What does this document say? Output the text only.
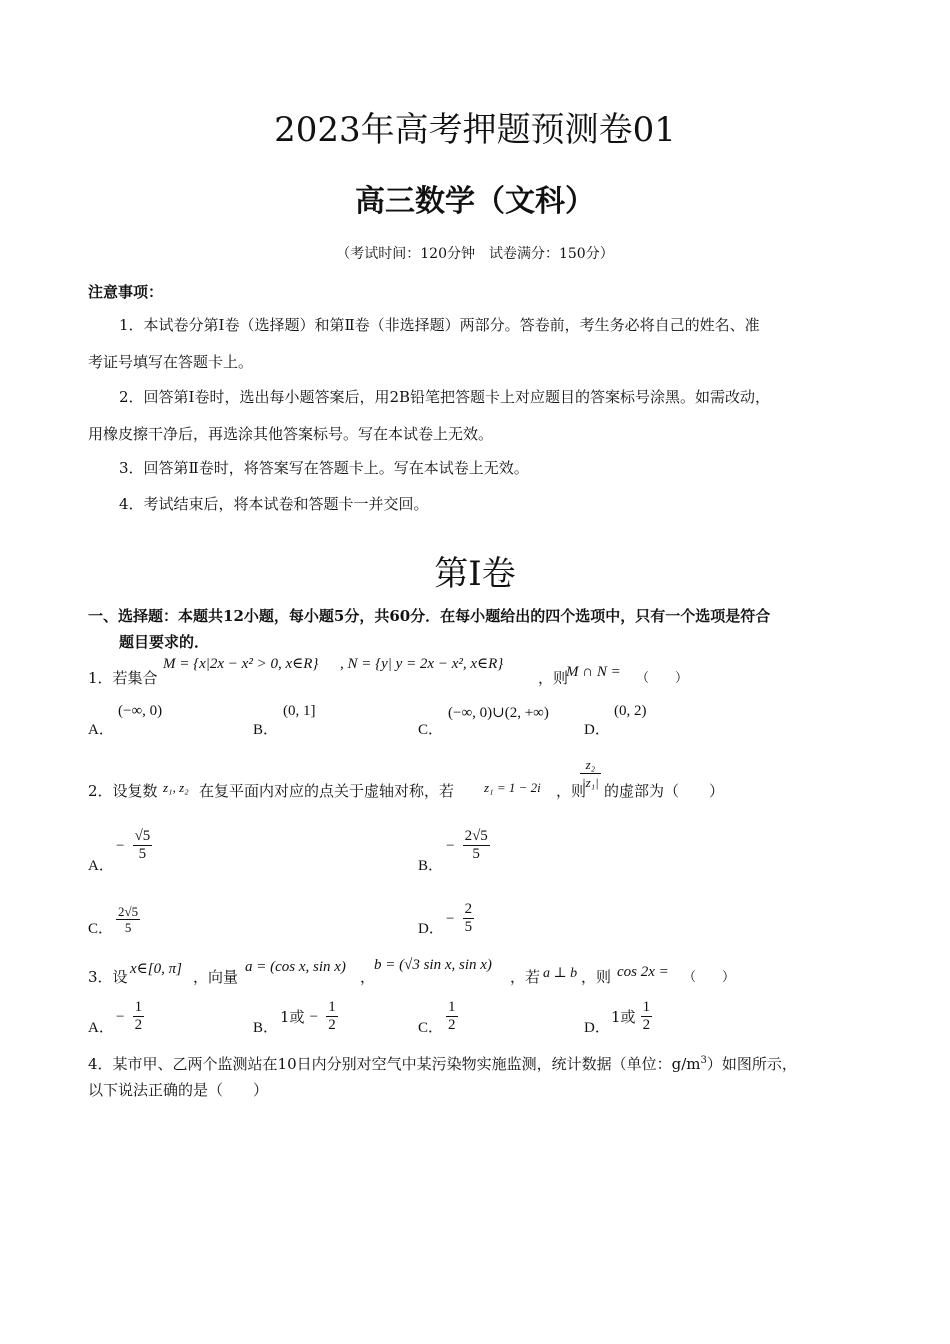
2023年高考押题预测卷01
高三数学（文科）
（考试时间：120分钟　试卷满分：150分）
注意事项：
1．本试卷分第Ⅰ卷（选择题）和第Ⅱ卷（非选择题）两部分。答卷前，考生务必将自己的姓名、准
考证号填写在答题卡上。
2．回答第Ⅰ卷时，选出每小题答案后，用2B铅笔把答题卡上对应题目的答案标号涂黑。如需改动，
用橡皮擦干净后，再选涂其他答案标号。写在本试卷上无效。
3．回答第Ⅱ卷时，将答案写在答题卡上。写在本试卷上无效。
4．考试结束后，将本试卷和答题卡一并交回。
第Ⅰ卷
一、选择题：本题共12小题，每小题5分，共60分．在每小题给出的四个选项中，只有一个选项是符合
题目要求的．
1．若集合
M = {x|2x − x² > 0, x∈R} , N = {y| y = 2x − x², x∈R}
，则
M ∩ N = （　　）
A．
(−∞, 0)
B．
(0, 1]
C．
(−∞, 0)∪(2, +∞)
D．
(0, 2)
2．设复数 z₁, z₂ 在复平面内对应的点关于虚轴对称，若 z₁ = 1 − 2i ，则
$\frac{\text{z₂}}{\text{|z₁|}}$ 的虚部为（　　）
A．
− $\frac{√5}{5}$
B．
− $\frac{2√5}{5}$
C． $\frac{2√5}{5}$	D．
− $\frac{2}{5}$
3．设 x∈[0, π] ，向量
a = (cos x, sin x)
，
b = (√3 sin x, sin x)
，若 a ⊥ b ，则 cos 2x = （　　）
A．
− $\frac{1}{2}$	B．
1或 − $\frac{1}{2}$	C． $\frac{1}{2}$	D．
1或 $\frac{1}{2}$
4．某市甲、乙两个监测站在10日内分别对空气中某污染物实施监测，统计数据（单位：$g/m^3$）如图所示，
以下说法正确的是（　　）
